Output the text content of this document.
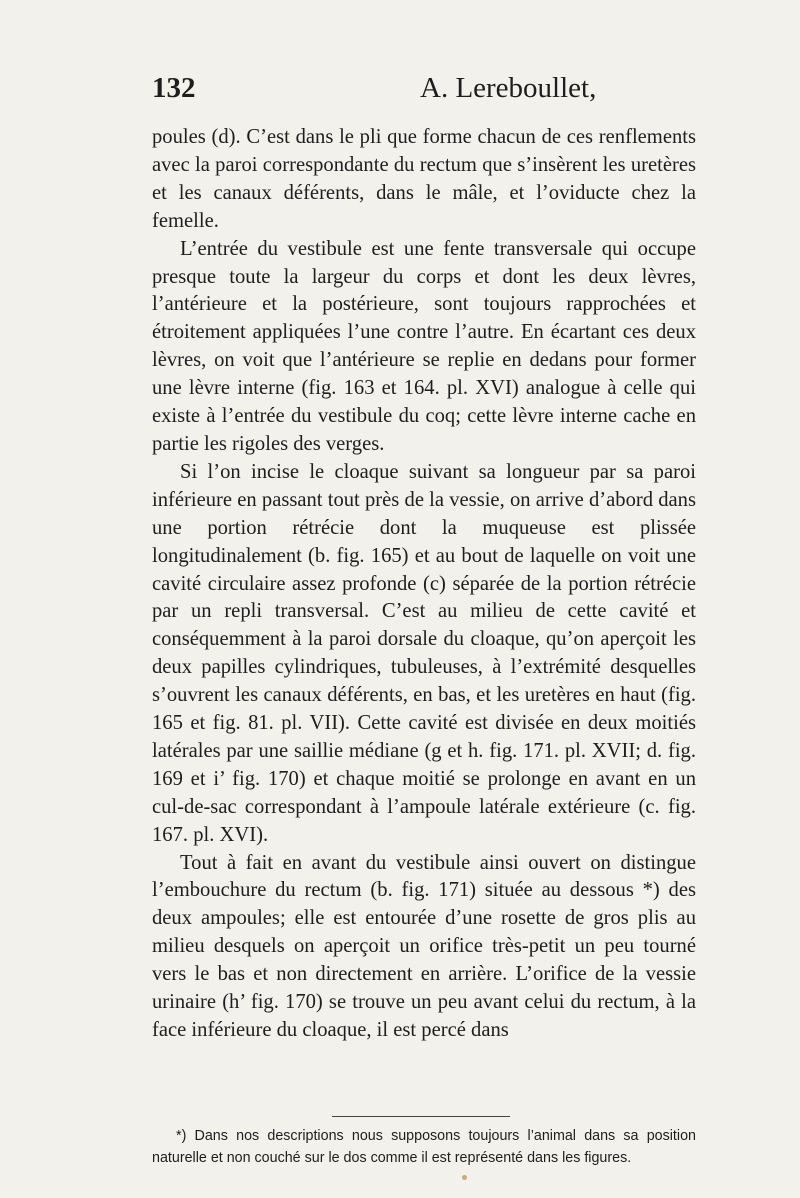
132	A. Lereboullet,

poules (d). C’est dans le pli que forme chacun de ces renflements avec la paroi correspondante du rectum que s’insèrent les uretères et les canaux déférents, dans le mâle, et l’oviducte chez la femelle.

L’entrée du vestibule est une fente transversale qui occupe presque toute la largeur du corps et dont les deux lèvres, l’antérieure et la postérieure, sont toujours rapprochées et étroitement appliquées l’une contre l’autre. En écartant ces deux lèvres, on voit que l’antérieure se replie en dedans pour former une lèvre interne (fig. 163 et 164. pl. XVI) analogue à celle qui existe à l’entrée du vestibule du coq; cette lèvre interne cache en partie les rigoles des verges.

Si l’on incise le cloaque suivant sa longueur par sa paroi inférieure en passant tout près de la vessie, on arrive d’abord dans une portion rétrécie dont la muqueuse est plissée longitudinalement (b. fig. 165) et au bout de laquelle on voit une cavité circulaire assez profonde (c) séparée de la portion rétrécie par un repli transversal. C’est au milieu de cette cavité et conséquemment à la paroi dorsale du cloaque, qu’on aperçoit les deux papilles cylindriques, tubuleuses, à l’extrémité desquelles s’ouvrent les canaux déférents, en bas, et les uretères en haut (fig. 165 et fig. 81. pl. VII). Cette cavité est divisée en deux moitiés latérales par une saillie médiane (g et h. fig. 171. pl. XVII; d. fig. 169 et i’ fig. 170) et chaque moitié se prolonge en avant en un cul-de-sac correspondant à l’ampoule latérale extérieure (c. fig. 167. pl. XVI).

Tout à fait en avant du vestibule ainsi ouvert on distingue l’embouchure du rectum (b. fig. 171) située au dessous *) des deux ampoules; elle est entourée d’une rosette de gros plis au milieu desquels on aperçoit un orifice très-petit un peu tourné vers le bas et non directement en arrière. L’orifice de la vessie urinaire (h’ fig. 170) se trouve un peu avant celui du rectum, à la face inférieure du cloaque, il est percé dans

*) Dans nos descriptions nous supposons toujours l’animal dans sa position naturelle et non couché sur le dos comme il est représenté dans les figures.
